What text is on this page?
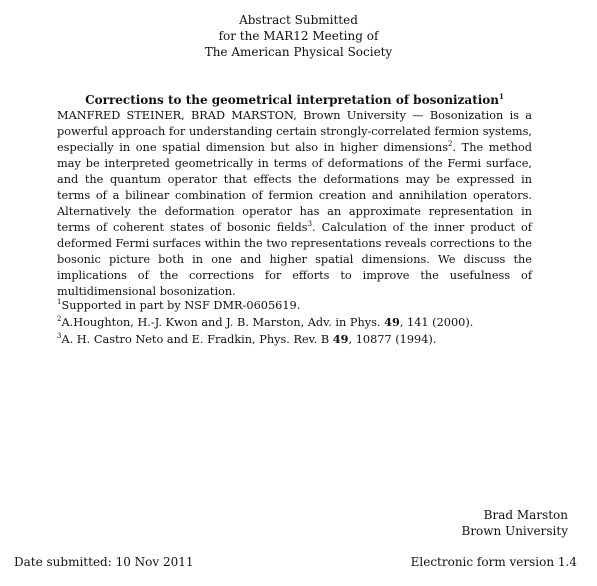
Abstract Submitted
for the MAR12 Meeting of
The American Physical Society
Corrections to the geometrical interpretation of bosonization$^1$
MANFRED STEINER, BRAD MARSTON, Brown University — Bosonization is a powerful approach for understanding certain strongly-correlated fermion systems, especially in one spatial dimension but also in higher dimensions$^2$. The method may be interpreted geometrically in terms of deformations of the Fermi surface, and the quantum operator that effects the deformations may be expressed in terms of a bilinear combination of fermion creation and annihilation operators. Alternatively the deformation operator has an approximate representation in terms of coherent states of bosonic fields$^3$. Calculation of the inner product of deformed Fermi surfaces within the two representations reveals corrections to the bosonic picture both in one and higher spatial dimensions. We discuss the implications of the corrections for efforts to improve the usefulness of multidimensional bosonization.
$^1$Supported in part by NSF DMR-0605619.
$^2$A.Houghton, H.-J. Kwon and J. B. Marston, Adv. in Phys. 49, 141 (2000).
$^3$A. H. Castro Neto and E. Fradkin, Phys. Rev. B 49, 10877 (1994).
Brad Marston
Brown University
Date submitted: 10 Nov 2011	Electronic form version 1.4
